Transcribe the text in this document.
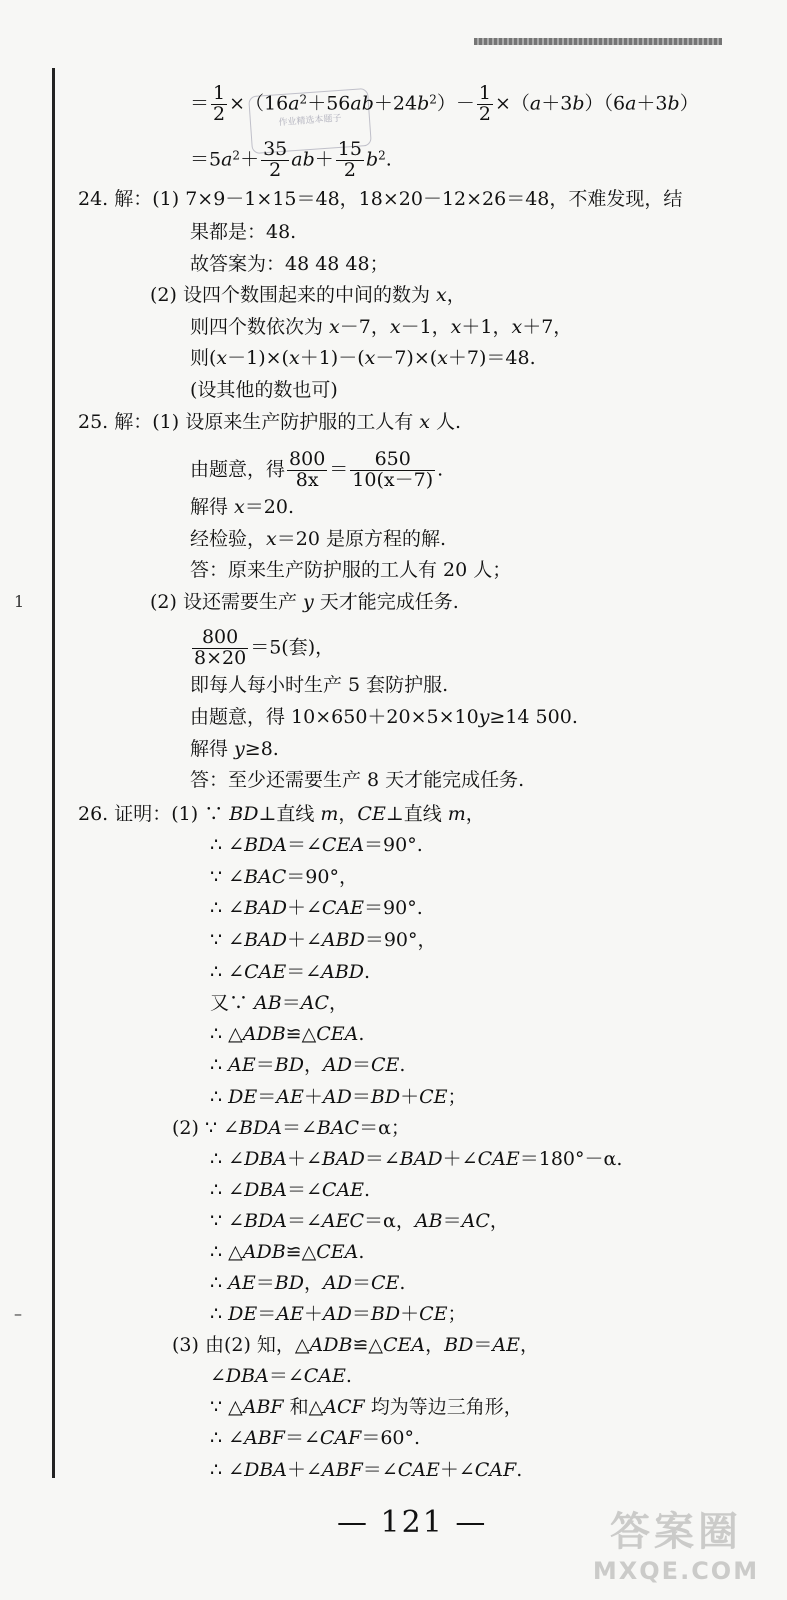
作业精选本题子
1
–
＝ $\frac{1}{2} \times(16a^2+56ab+24b^2)- \frac{1}{2} \times(a+3b)(6a+3b)$
$=5a^2+ \frac{35}{2} ab+ \frac{15}{2} b^2$.
24. 解：(1) 7×9－1×15＝48，18×20－12×26＝48，不难发现，结
果都是：48.
故答案为：48 48 48；
(2) 设四个数围起来的中间的数为 x，
则四个数依次为 x－7，x－1，x＋1，x＋7，
则(x－1)×(x＋1)－(x－7)×(x＋7)＝48.
(设其他的数也可)
25. 解：(1) 设原来生产防护服的工人有 x 人.
由题意，得 $\frac{800}{8x} = \frac{650}{10(x-7)}$ .
解得 x＝20.
经检验，x＝20 是原方程的解.
答：原来生产防护服的工人有 20 人；
(2) 设还需要生产 y 天才能完成任务.
$\frac{800}{8\times 20} =5$(套)，
即每人每小时生产 5 套防护服.
由题意，得 10×650＋20×5×10y≥14 500.
解得 y≥8.
答：至少还需要生产 8 天才能完成任务.
26. 证明：(1) ∵ BD⊥直线 m，CE⊥直线 m，
∴ ∠BDA＝∠CEA＝90°.
∵ ∠BAC＝90°，
∴ ∠BAD＋∠CAE＝90°.
∵ ∠BAD＋∠ABD＝90°，
∴ ∠CAE＝∠ABD.
又∵ AB＝AC，
∴ △ADB≌△CEA.
∴ AE＝BD，AD＝CE.
∴ DE＝AE＋AD＝BD＋CE；
(2) ∵ ∠BDA＝∠BAC＝α；
∴ ∠DBA＋∠BAD＝∠BAD＋∠CAE＝180°－α.
∴ ∠DBA＝∠CAE.
∵ ∠BDA＝∠AEC＝α，AB＝AC，
∴ △ADB≌△CEA.
∴ AE＝BD，AD＝CE.
∴ DE＝AE＋AD＝BD＋CE；
(3) 由(2) 知，△ADB≌△CEA，BD＝AE，
∠DBA＝∠CAE.
∵ △ABF 和△ACF 均为等边三角形，
∴ ∠ABF＝∠CAF＝60°.
∴ ∠DBA＋∠ABF＝∠CAE＋∠CAF.
— 121 —	答案圈
MXQE.COM
